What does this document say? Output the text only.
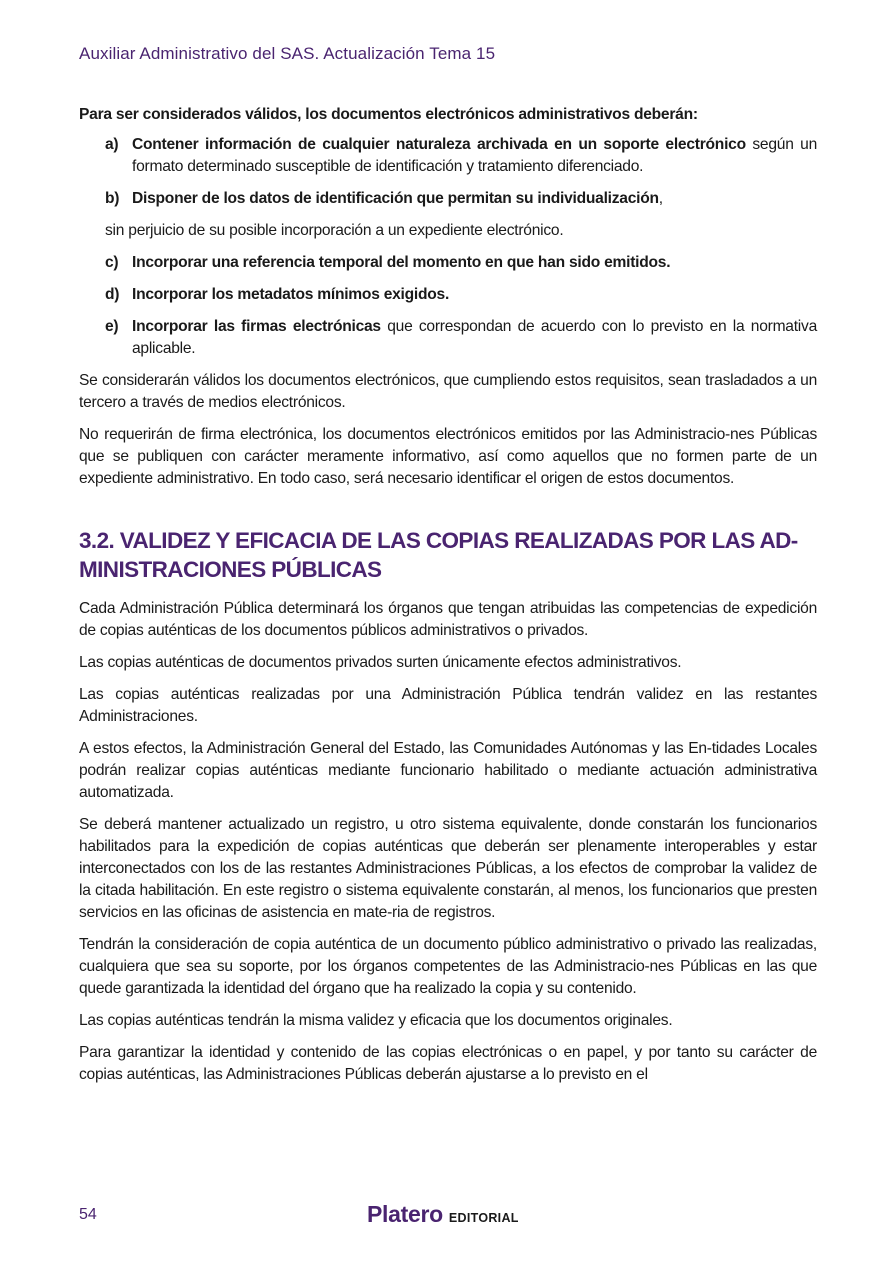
Auxiliar Administrativo del SAS. Actualización Tema 15

Para ser considerados válidos, los documentos electrónicos administrativos deberán:

a) Contener información de cualquier naturaleza archivada en un soporte electrónico según un formato determinado susceptible de identificación y tratamiento diferenciado.
b) Disponer de los datos de identificación que permitan su individualización,

sin perjuicio de su posible incorporación a un expediente electrónico.

c) Incorporar una referencia temporal del momento en que han sido emitidos.
d) Incorporar los metadatos mínimos exigidos.
e) Incorporar las firmas electrónicas que correspondan de acuerdo con lo previsto en la normativa aplicable.

Se considerarán válidos los documentos electrónicos, que cumpliendo estos requisitos, sean trasladados a un tercero a través de medios electrónicos.

No requerirán de firma electrónica, los documentos electrónicos emitidos por las Administracio-nes Públicas que se publiquen con carácter meramente informativo, así como aquellos que no formen parte de un expediente administrativo. En todo caso, será necesario identificar el origen de estos documentos.

3.2. VALIDEZ Y EFICACIA DE LAS COPIAS REALIZADAS POR LAS AD-MINISTRACIONES PÚBLICAS

Cada Administración Pública determinará los órganos que tengan atribuidas las competencias de expedición de copias auténticas de los documentos públicos administrativos o privados.

Las copias auténticas de documentos privados surten únicamente efectos administrativos.

Las copias auténticas realizadas por una Administración Pública tendrán validez en las restantes Administraciones.

A estos efectos, la Administración General del Estado, las Comunidades Autónomas y las En-tidades Locales podrán realizar copias auténticas mediante funcionario habilitado o mediante actuación administrativa automatizada.

Se deberá mantener actualizado un registro, u otro sistema equivalente, donde constarán los funcionarios habilitados para la expedición de copias auténticas que deberán ser plenamente interoperables y estar interconectados con los de las restantes Administraciones Públicas, a los efectos de comprobar la validez de la citada habilitación. En este registro o sistema equivalente constarán, al menos, los funcionarios que presten servicios en las oficinas de asistencia en mate-ria de registros.

Tendrán la consideración de copia auténtica de un documento público administrativo o privado las realizadas, cualquiera que sea su soporte, por los órganos competentes de las Administracio-nes Públicas en las que quede garantizada la identidad del órgano que ha realizado la copia y su contenido.

Las copias auténticas tendrán la misma validez y eficacia que los documentos originales.

Para garantizar la identidad y contenido de las copias electrónicas o en papel, y por tanto su carácter de copias auténticas, las Administraciones Públicas deberán ajustarse a lo previsto en el

54	Platero EDITORIAL
